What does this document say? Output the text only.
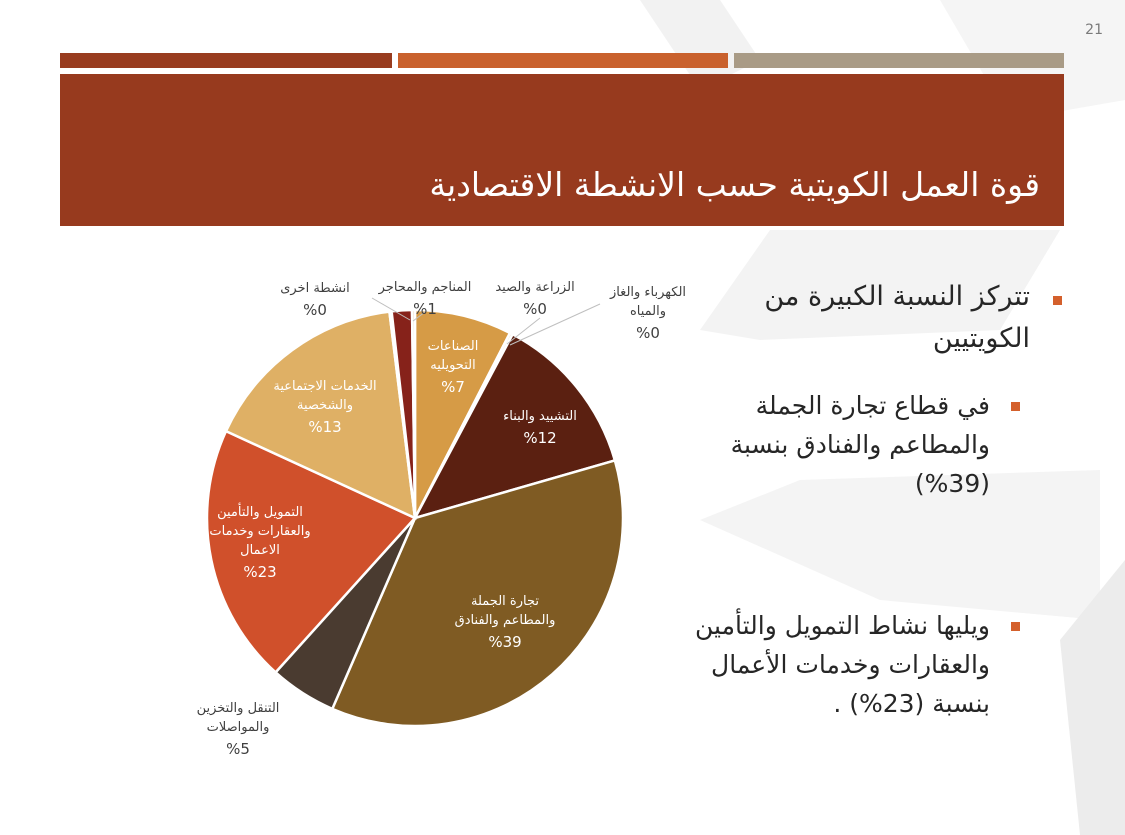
21
قوة العمل الكويتية حسب الانشطة الاقتصادية
تتركز النسبة الكبيرة من الكويتيين
في قطاع تجارة الجملة والمطاعم والفنادق بنسبة (39%)
ويليها نشاط التمويل والتأمين والعقارات وخدمات الأعمال بنسبة (23%) .
الصناعات التحويليه %7
الكهرباء والغاز والمياه %0
التشييد والبناء %12
تجارة الجملة والمطاعم والفنادق %39
التنقل والتخزين والمواصلات %5
التمويل والتأمين والعقارات وخدمات الاعمال %23
الخدمات الاجتماعية والشخصية %13
انشطة اخرى %0
المناجم والمحاجر %1
الزراعة والصيد %0
